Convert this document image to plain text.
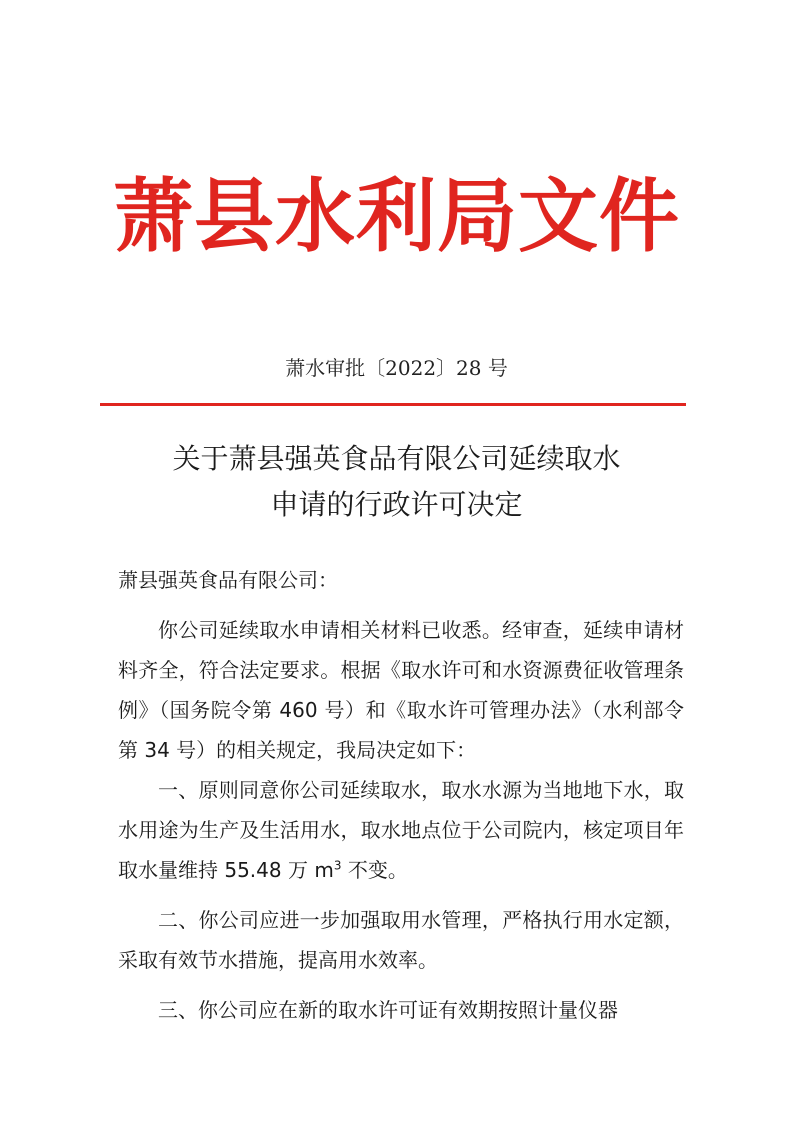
萧县水利局文件
萧水审批〔2022〕28 号
关于萧县强英食品有限公司延续取水
申请的行政许可决定

萧县强英食品有限公司：

你公司延续取水申请相关材料已收悉。经审查，延续申请材料齐全，符合法定要求。根据《取水许可和水资源费征收管理条例》（国务院令第 460 号）和《取水许可管理办法》（水利部令第 34 号）的相关规定，我局决定如下：

一、原则同意你公司延续取水，取水水源为当地地下水，取水用途为生产及生活用水，取水地点位于公司院内，核定项目年取水量维持 55.48 万 $m^3$ 不变。

二、你公司应进一步加强取用水管理，严格执行用水定额，采取有效节水措施，提高用水效率。

三、你公司应在新的取水许可证有效期按照计量仪器
